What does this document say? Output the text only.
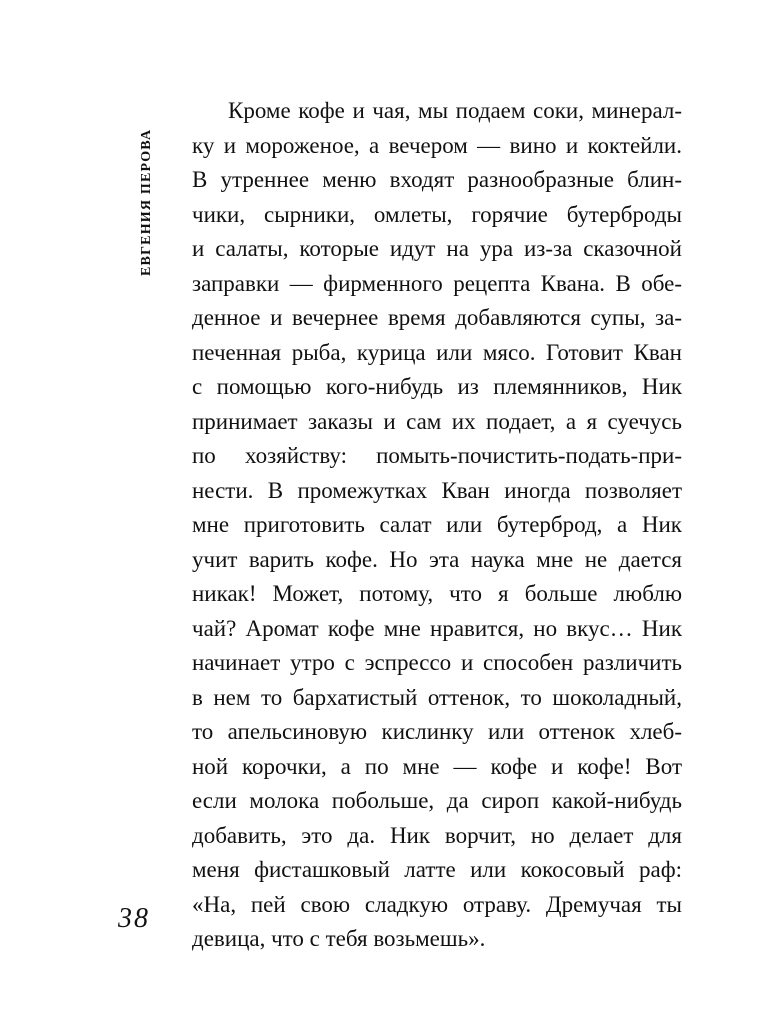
ЕВГЕНИЯ ПЕРОВА
Кроме кофе и чая, мы подаем соки, минерал-
ку и мороженое, а вечером — вино и коктейли.
В утреннее меню входят разнообразные блин-
чики, сырники, омлеты, горячие бутерброды
и салаты, которые идут на ура из-за сказочной
заправки — фирменного рецепта Квана. В обе-
денное и вечернее время добавляются супы, за-
печенная рыба, курица или мясо. Готовит Кван
с помощью кого-нибудь из племянников, Ник
принимает заказы и сам их подает, а я суечусь
по хозяйству: помыть-почистить-подать-при-
нести. В промежутках Кван иногда позволяет
мне приготовить салат или бутерброд, а Ник
учит варить кофе. Но эта наука мне не дается
никак! Может, потому, что я больше люблю
чай? Аромат кофе мне нравится, но вкус… Ник
начинает утро с эспрессо и способен различить
в нем то бархатистый оттенок, то шоколадный,
то апельсиновую кислинку или оттенок хлеб-
ной корочки, а по мне — кофе и кофе! Вот
если молока побольше, да сироп какой-нибудь
добавить, это да. Ник ворчит, но делает для
меня фисташковый латте или кокосовый раф:
«На, пей свою сладкую отраву. Дремучая ты
девица, что с тебя возьмешь».
38
